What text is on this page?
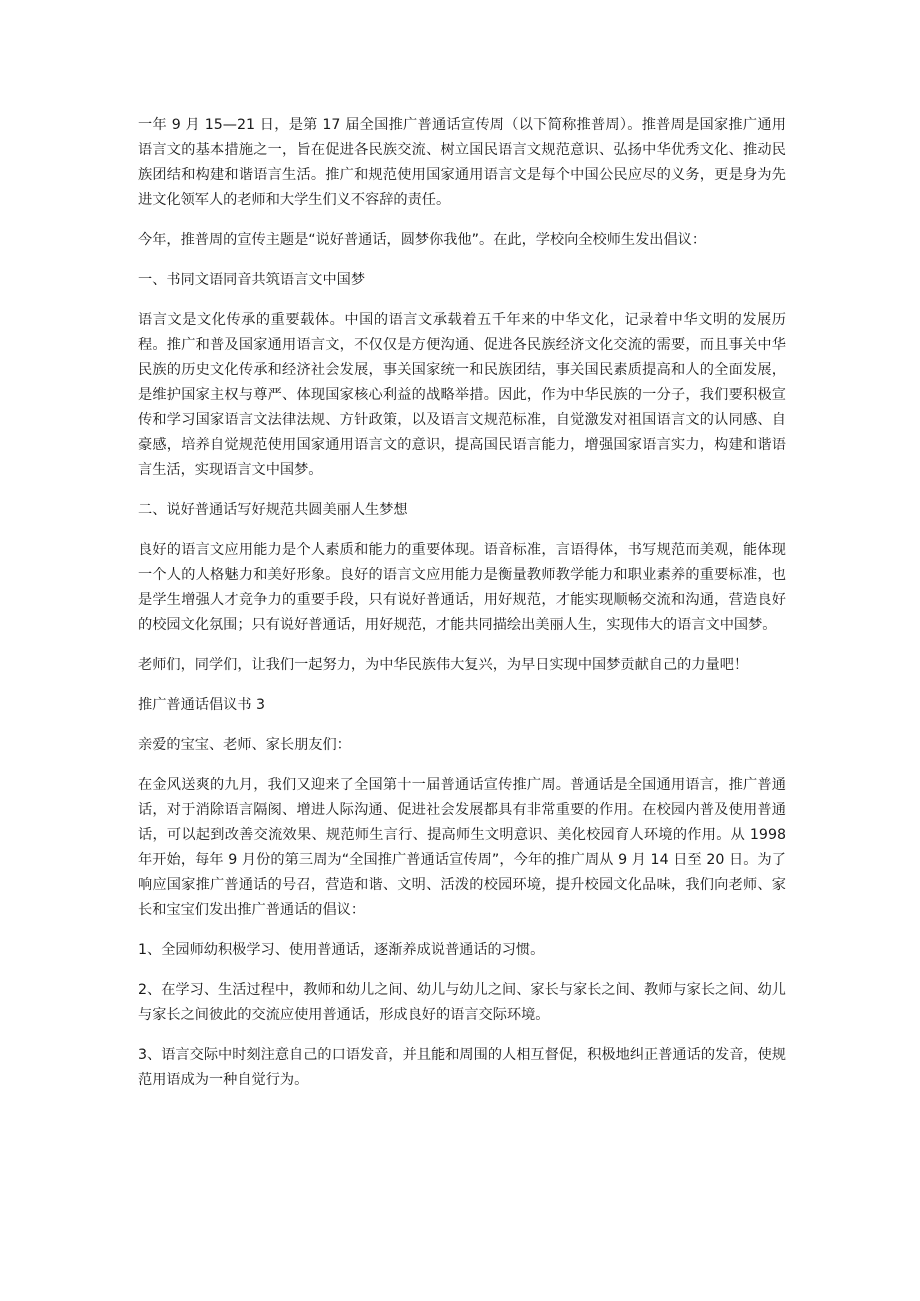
一年 9 月 15—21 日，是第 17 届全国推广普通话宣传周（以下简称推普周）。推普周是国家推广通用语言文的基本措施之一，旨在促进各民族交流、树立国民语言文规范意识、弘扬中华优秀文化、推动民族团结和构建和谐语言生活。推广和规范使用国家通用语言文是每个中国公民应尽的义务，更是身为先进文化领军人的老师和大学生们义不容辞的责任。

今年，推普周的宣传主题是“说好普通话，圆梦你我他”。在此，学校向全校师生发出倡议：

一、书同文语同音共筑语言文中国梦

语言文是文化传承的重要载体。中国的语言文承载着五千年来的中华文化，记录着中华文明的发展历程。推广和普及国家通用语言文，不仅仅是方便沟通、促进各民族经济文化交流的需要，而且事关中华民族的历史文化传承和经济社会发展，事关国家统一和民族团结，事关国民素质提高和人的全面发展，是维护国家主权与尊严、体现国家核心利益的战略举措。因此，作为中华民族的一分子，我们要积极宣传和学习国家语言文法律法规、方针政策，以及语言文规范标准，自觉激发对祖国语言文的认同感、自豪感，培养自觉规范使用国家通用语言文的意识，提高国民语言能力，增强国家语言实力，构建和谐语言生活，实现语言文中国梦。

二、说好普通话写好规范共圆美丽人生梦想

良好的语言文应用能力是个人素质和能力的重要体现。语音标准，言语得体，书写规范而美观，能体现一个人的人格魅力和美好形象。良好的语言文应用能力是衡量教师教学能力和职业素养的重要标准，也是学生增强人才竞争力的重要手段，只有说好普通话，用好规范，才能实现顺畅交流和沟通，营造良好的校园文化氛围；只有说好普通话，用好规范，才能共同描绘出美丽人生，实现伟大的语言文中国梦。

老师们，同学们，让我们一起努力，为中华民族伟大复兴，为早日实现中国梦贡献自己的力量吧！

推广普通话倡议书 3

亲爱的宝宝、老师、家长朋友们：

在金风送爽的九月，我们又迎来了全国第十一届普通话宣传推广周。普通话是全国通用语言，推广普通话，对于消除语言隔阂、增进人际沟通、促进社会发展都具有非常重要的作用。在校园内普及使用普通话，可以起到改善交流效果、规范师生言行、提高师生文明意识、美化校园育人环境的作用。从 1998 年开始，每年 9 月份的第三周为“全国推广普通话宣传周”，今年的推广周从 9 月 14 日至 20 日。为了响应国家推广普通话的号召，营造和谐、文明、活泼的校园环境，提升校园文化品味，我们向老师、家长和宝宝们发出推广普通话的倡议：

1、全园师幼积极学习、使用普通话，逐渐养成说普通话的习惯。

2、在学习、生活过程中，教师和幼儿之间、幼儿与幼儿之间、家长与家长之间、教师与家长之间、幼儿与家长之间彼此的交流应使用普通话，形成良好的语言交际环境。

3、语言交际中时刻注意自己的口语发音，并且能和周围的人相互督促，积极地纠正普通话的发音，使规范用语成为一种自觉行为。
